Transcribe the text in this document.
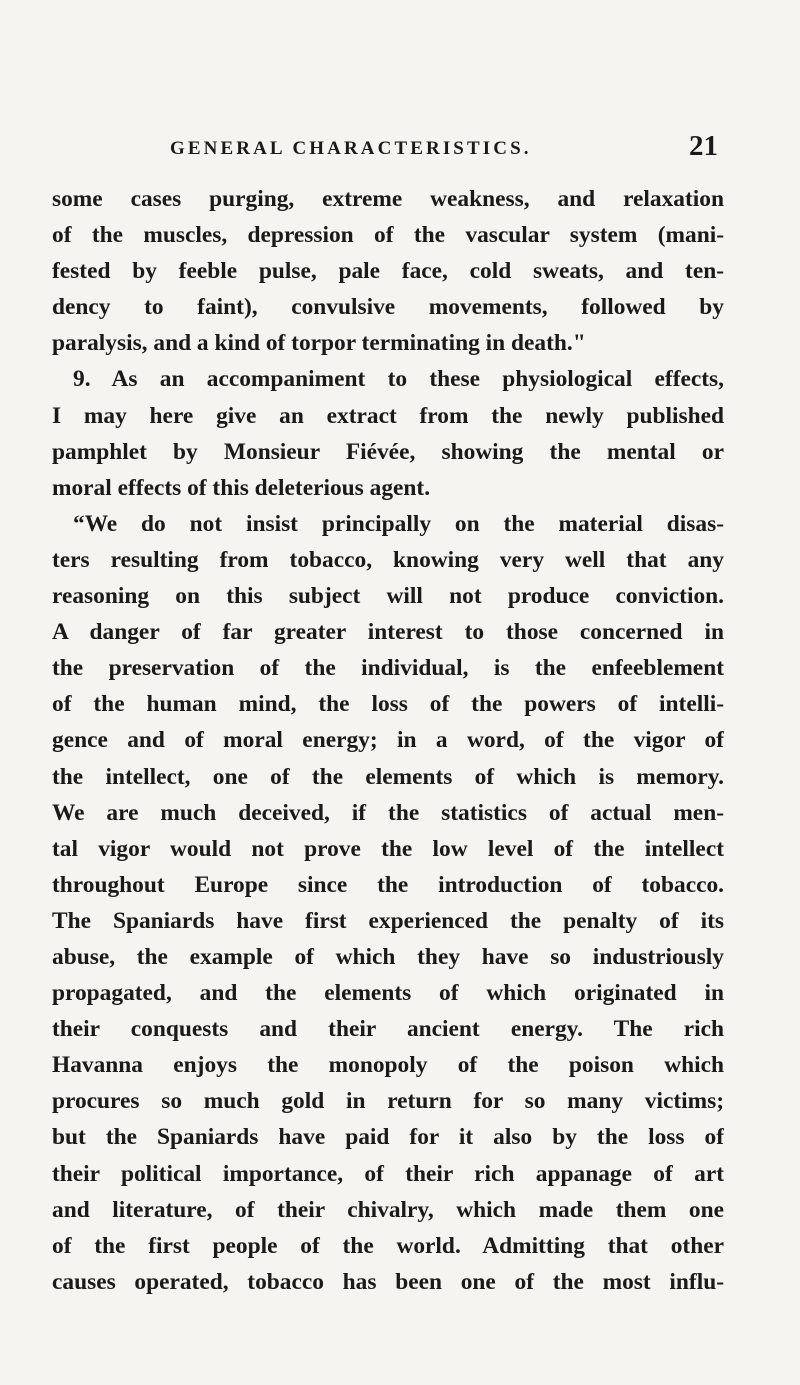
GENERAL CHARACTERISTICS.	21
some cases purging, extreme weakness, and relaxation
of the muscles, depression of the vascular system (mani-
fested by feeble pulse, pale face, cold sweats, and ten-
dency to faint), convulsive movements, followed by
paralysis, and a kind of torpor terminating in death."
9. As an accompaniment to these physiological effects,
I may here give an extract from the newly published
pamphlet by Monsieur Fiévée, showing the mental or
moral effects of this deleterious agent.
“We do not insist principally on the material disas-
ters resulting from tobacco, knowing very well that any
reasoning on this subject will not produce conviction.
A danger of far greater interest to those concerned in
the preservation of the individual, is the enfeeblement
of the human mind, the loss of the powers of intelli-
gence and of moral energy; in a word, of the vigor of
the intellect, one of the elements of which is memory.
We are much deceived, if the statistics of actual men-
tal vigor would not prove the low level of the intellect
throughout Europe since the introduction of tobacco.
The Spaniards have first experienced the penalty of its
abuse, the example of which they have so industriously
propagated, and the elements of which originated in
their conquests and their ancient energy. The rich
Havanna enjoys the monopoly of the poison which
procures so much gold in return for so many victims;
but the Spaniards have paid for it also by the loss of
their political importance, of their rich appanage of art
and literature, of their chivalry, which made them one
of the first people of the world. Admitting that other
causes operated, tobacco has been one of the most influ-
